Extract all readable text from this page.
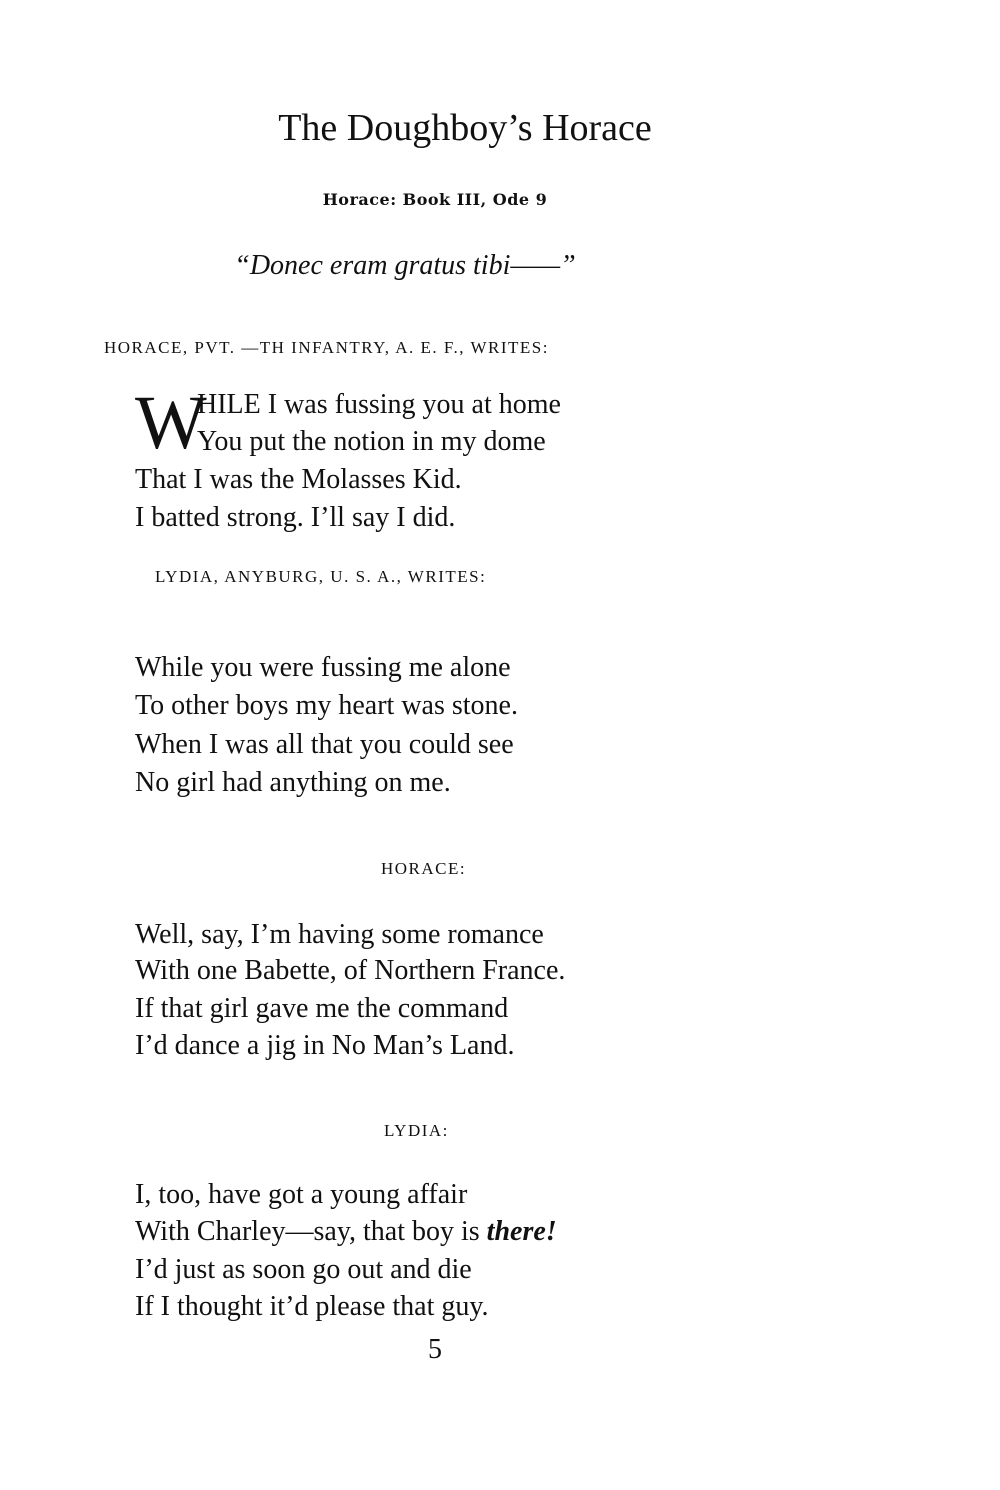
The Doughboy’s Horace
Horace: Book III, Ode 9
“Donec eram gratus tibi——”
HORACE, PVT. —TH INFANTRY, A. E. F., WRITES:
W
HILE I was fussing you at home
You put the notion in my dome
That I was the Molasses Kid.
I batted strong. I’ll say I did.
LYDIA, ANYBURG, U. S. A., WRITES:
While you were fussing me alone
To other boys my heart was stone.
When I was all that you could see
No girl had anything on me.
HORACE:
Well, say, I’m having some romance
With one Babette, of Northern France.
If that girl gave me the command
I’d dance a jig in No Man’s Land.
LYDIA:
I, too, have got a young affair
With Charley—say, that boy is there!
I’d just as soon go out and die
If I thought it’d please that guy.
5
